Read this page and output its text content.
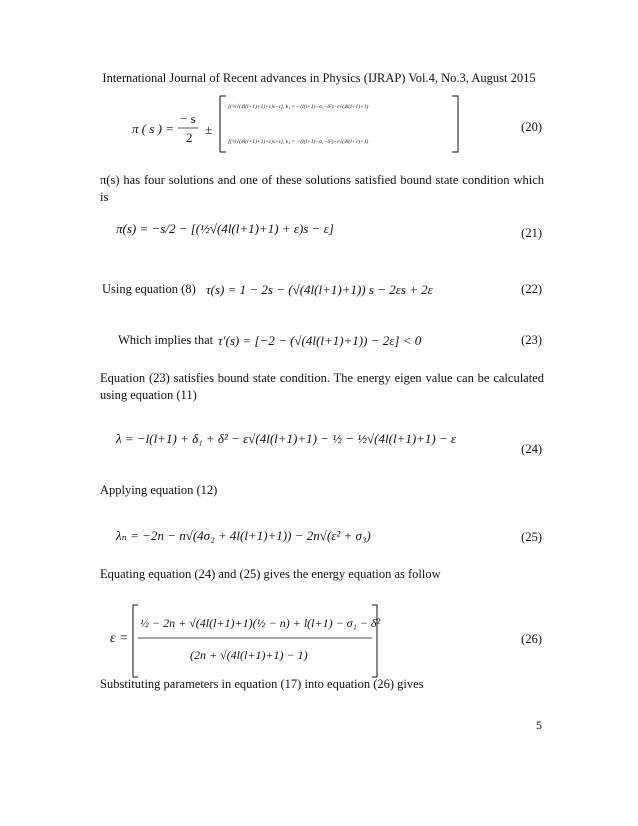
International Journal of Recent advances in Physics (IJRAP) Vol.4, No.3, August 2015
π ( s ) =
− s
2
±
[(½√(4l(l+1)+1)+ε)s−ε], k₁ = −(l(l+1)−σ₁−δ²)−ε√(4l(l+1)+1)
[(½√(4l(l+1)+1)+ε)s+ε], k₂ = −(l(l+1)−σ₁−δ²)−ε√(4l(l+1)+1)
(20)
π(s) has four solutions and one of these solutions satisfied bound state condition which is
π(s) = −s/2 − [(½√(4l(l+1)+1) + ε)s − ε]	(21)
Using equation (8) τ(s) = 1 − 2s − (√(4l(l+1)+1)) s − 2εs + 2ε	(22)
Which implies that τ′(s) = [−2 − (√(4l(l+1)+1)) − 2ε] < 0	(23)
Equation (23) satisfies bound state condition. The energy eigen value can be calculated using equation (11)
λ = −l(l+1) + δ₁ + δ² − ε√(4l(l+1)+1) − ½ − ½√(4l(l+1)+1) − ε
(24)
Applying equation (12)
λₙ = −2n − n√(4σ₂ + 4l(l+1)+1)) − 2n√(ε² + σ₃)	(25)
Equating equation (24) and (25) gives the energy equation as follow
ε =
½ − 2n + √(4l(l+1)+1)(½ − n) + l(l+1) − σ₁ − δ²
(2n + √(4l(l+1)+1) − 1)
(26)
Substituting parameters in equation (17) into equation (26) gives
5
